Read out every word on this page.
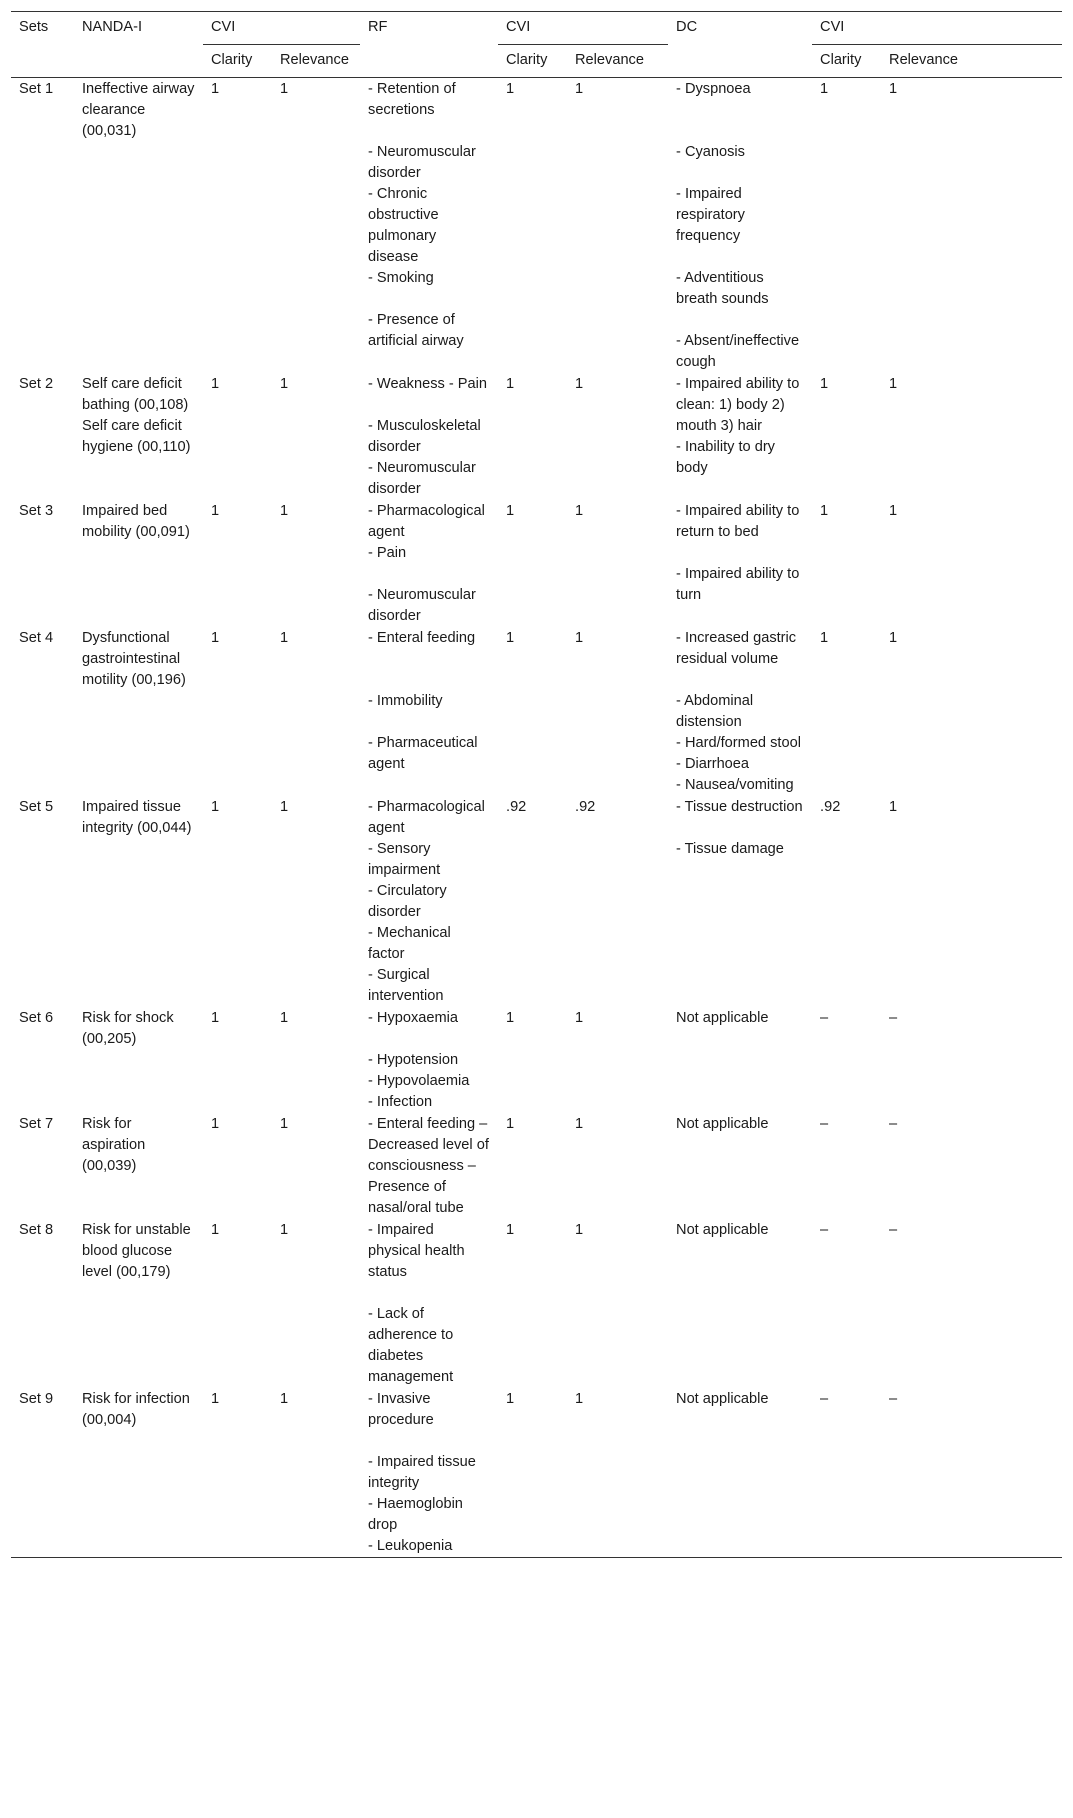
Sets	NANDA-I	CVI		RF	CVI		DC	CVI	
		Clarity	Relevance		Clarity	Relevance		Clarity	Relevance
Set 1	Ineffective airway clearance (00,031)	1	1	- Retention of secretions
- Neuromuscular disorder
- Chronic obstructive pulmonary disease
- Smoking
- Presence of artificial airway	1	1	- Dyspnoea
- Cyanosis
- Impaired respiratory frequency
- Adventitious breath sounds
- Absent/ineffective cough	1	1
Set 2	Self care deficit bathing (00,108)
Self care deficit hygiene (00,110)	1	1	- Weakness - Pain
- Musculoskeletal disorder
- Neuromuscular disorder	1	1	- Impaired ability to clean: 1) body 2) mouth 3) hair
- Inability to dry body	1	1
Set 3	Impaired bed mobility (00,091)	1	1	- Pharmacological agent
- Pain
- Neuromuscular disorder	1	1	- Impaired ability to return to bed
- Impaired ability to turn	1	1
Set 4	Dysfunctional gastrointestinal motility (00,196)	1	1	- Enteral feeding
- Immobility
- Pharmaceutical agent	1	1	- Increased gastric residual volume
- Abdominal distension
- Hard/formed stool
- Diarrhoea
- Nausea/vomiting	1	1
Set 5	Impaired tissue integrity (00,044)	1	1	- Pharmacological agent
- Sensory impairment
- Circulatory disorder
- Mechanical factor
- Surgical intervention	.92	.92	- Tissue destruction
- Tissue damage	.92	1
Set 6	Risk for shock (00,205)	1	1	- Hypoxaemia
- Hypotension
- Hypovolaemia
- Infection	1	1	Not applicable	–	–
Set 7	Risk for aspiration (00,039)	1	1	- Enteral feeding – Decreased level of consciousness – Presence of nasal/oral tube	1	1	Not applicable	–	–
Set 8	Risk for unstable blood glucose level (00,179)	1	1	- Impaired physical health status
- Lack of adherence to diabetes management	1	1	Not applicable	–	–
Set 9	Risk for infection (00,004)	1	1	- Invasive procedure
- Impaired tissue integrity
- Haemoglobin drop
- Leukopenia	1	1	Not applicable	–	–
